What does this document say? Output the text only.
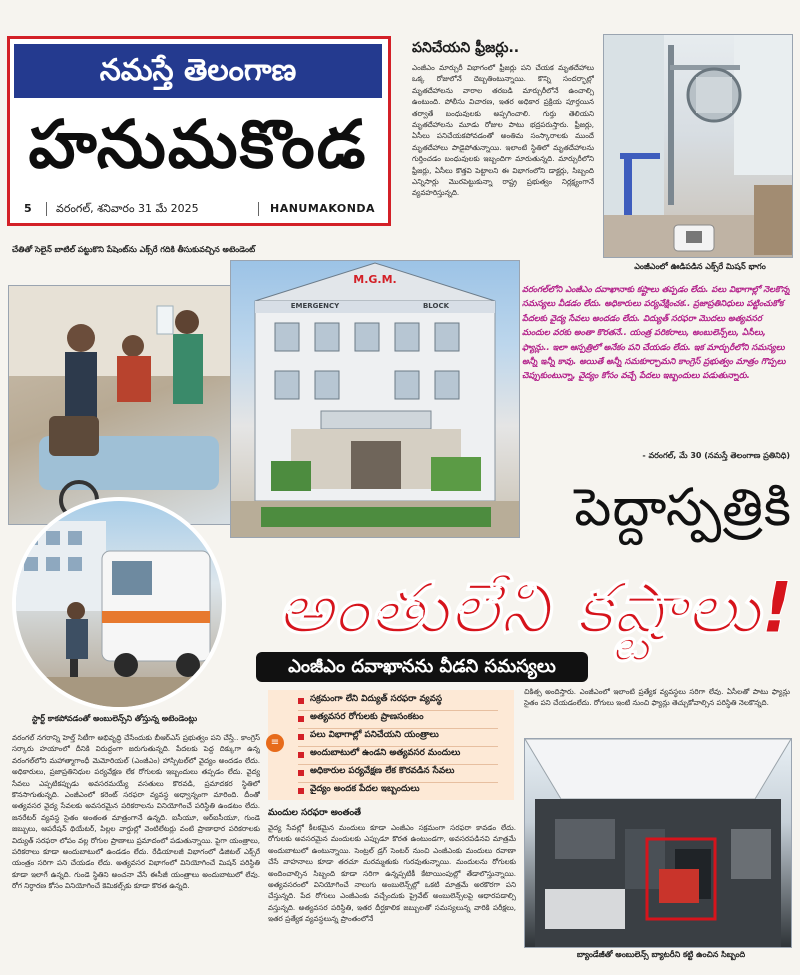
నమస్తే తెలంగాణ
హనుమకొండ
5 వరంగల్, శనివారం 31 మే 2025	HANUMAKONDA
పనిచేయని ఫ్రీజర్లు..
ఎంజీఎం మార్చురీ విభాగంలో ఫ్రీజర్లు పని చేయక మృతదేహాలు ఒక్క రోజులోనే దెబ్బతింటున్నాయి. కొన్ని సందర్భాల్లో మృతదేహాలను వారాల తరబడి మార్చురీలోనే ఉంచాల్సి ఉంటుంది. పోలీసు విచారణ, ఇతర అధికార ప్రక్రియ పూర్తయిన తర్వాతే బంధువులకు అప్పగించాలి. గుర్తు తెలియని మృతదేహాలను మూడు రోజుల పాటు భద్రపరుస్తారు. ఫ్రీజర్లు, ఏసీలు పనిచేయకపోవడంతో అంతిమ సంస్కారాలకు ముందే మృతదేహాలు పాడైపోతున్నాయి. ఇలాంటి స్థితిలో మృతదేహాలను గుర్తించడం బంధువులకు ఇబ్బందిగా మారుతున్నది. మార్చురీలోని ఫ్రీజర్లు, ఏసీలు కొత్తవి పెట్టాలని ఈ విభాగంలోని డాక్టర్లు, సిబ్బంది ఎన్నిసార్లు మొరపెట్టుకున్నా రాష్ట్ర ప్రభుత్వం నిర్లక్ష్యంగానే వ్యవహరిస్తున్నది.
ఎంజీఎంలో ఊడిపడిన ఎక్స్‌రే మిషన్ భాగం
చేతితో సెలైన్ బాటిల్ పట్టుకొని పేషెంట్‌ను ఎక్స్‌రే గదికి తీసుకువచ్చిన అటెండెంట్
M.G.M.
EMERGENCY	BLOCK
వరంగల్‌లోని ఎంజీఎం దవాఖానాకు కష్టాలు తప్పడం లేదు. పలు విభాగాల్లో నెలకొన్న సమస్యలు వీడడం లేదు. అధికారులు పర్యవేక్షించక.. ప్రజాప్రతినిధులు పట్టించుకోక పేదలకు వైద్య సేవలు అందడం లేదు. విద్యుత్ సరఫరా మొదలు అత్యవసర మందుల వరకు అంతా కొరతనే.. యంత్ర పరికరాలు, అంబులెన్స్‌లు, ఏసీలు, ఫ్యాన్లు.. ఇలా ఆస్పత్రిలో అనేకం పని చేయడం లేదు. ఇక మార్చురీలోని సమస్యలు అన్నీ ఇన్నీ కావు. అయితే అన్నీ సమకూర్చామని కాంగ్రెస్ ప్రభుత్వం మాత్రం గొప్పలు చెప్పుకుంటున్నా, వైద్యం కోసం వచ్చే పేదలు ఇబ్బందులు పడుతున్నారు.
- వరంగల్, మే 30 (నమస్తే తెలంగాణ ప్రతినిధి)
పెద్దాస్పత్రికి
అంతులేని కష్టాలు!
ఎంజీఎం దవాఖానను వీడని సమస్యలు
స్టార్ట్ కాకపోవడంతో అంబులెన్స్‌ని తోస్తున్న అటెండెంట్లు
వరంగల్ నగరాన్ని హెల్త్ సిటీగా అభివృద్ధి చేసేందుకు బీఆర్ఎస్ ప్రభుత్వం పని చేస్తే.. కాంగ్రెస్ సర్కారు హయాంలో దీనికి విరుద్ధంగా జరుగుతున్నది. పేదలకు పెద్ద దిక్కుగా ఉన్న వరంగల్‌లోని మహాత్మాగాంధీ మెమోరియల్ (ఎంజీఎం) హాస్పిటల్‌లో వైద్యం అందడం లేదు. అధికారులు, ప్రజాప్రతినిధుల పర్యవేక్షణ లేక రోగులకు ఇబ్బందులు తప్పడం లేదు. వైద్య సేవలు ఎప్పటికప్పుడు అవసరమయ్యే వసతులు కొరవడి, ప్రమాదకర స్థితిలో కొనసాగుతున్నది. ఎంజీఎంలో కరెంట్ సరఫరా వ్యవస్థ అధ్వాన్నంగా మారింది. దీంతో అత్యవసర వైద్య సేవలకు అవసరమైన పరికరాలను వినియోగించే పరిస్థితి ఉండటం లేదు. జనరేటర్ వ్యవస్థ సైతం అంతంత మాత్రంగానే ఉన్నది. ఐసీయూ, ఆర్ఐసీయూ, గుండె జబ్బులు, ఆపరేషన్ థియేటర్, పిల్లల వార్డుల్లో వెంటిలేటర్లు వంటి ప్రాణాధార పరికరాలకు విద్యుత్ సరఫరా లోపం వల్ల రోగుల ప్రాణాలు ప్రమాదంలో పడుతున్నాయి. పైగా యంత్రాలు, పరికరాలు కూడా అందుబాటులో ఉండడం లేదు. రేడియాలజీ విభాగంలో డిజిటల్ ఎక్స్‌రే యంత్రం సరిగా పని చేయడం లేదు. అత్యవసర విభాగంలో వినియోగించే మిషన్ పరిస్థితి కూడా ఇలాగే ఉన్నది. గుండె స్థితిని అంచనా వేసే ఈసీజీ యంత్రాలు అందుబాటులో లేవు. రోగ నిర్ధారణ కోసం వినియోగించే కెమికల్స్‌కు కూడా కొరత ఉన్నది.
≡
సక్రమంగా లేని విద్యుత్ సరఫరా వ్యవస్థ
అత్యవసర రోగులకు ప్రాణసంకటం
పలు విభాగాల్లో పనిచేయని యంత్రాలు
అందుబాటులో ఉండని అత్యవసర మందులు
అధికారుల పర్యవేక్షణ లేక కొరవడిన సేవలు
వైద్యం అందక పేదల ఇబ్బందులు
మందుల సరఫరా అంతంతే
వైద్య సేవల్లో కీలకమైన మందులు కూడా ఎంజీఎం సక్రమంగా సరఫరా కావడం లేదు. రోగులకు అవసరమైన మందులకు ఎప్పుడూ కొరత ఉంటుండగా, అవసరపడినవి మాత్రమే అందుబాటులో ఉంటున్నాయి. సెంట్రల్ డ్రగ్ సెంటర్ నుంచి ఎంజీఎంకు మందులు రవాణా చేసే వాహనాలు కూడా తరచూ మరమ్మతుకు గురవుతున్నాయి. మందులను రోగులకు అందించాల్సిన సిబ్బంది కూడా సరిగా ఉన్నప్పటికీ కేటాయింపుల్లో తేడాలొస్తున్నాయి. అత్యవసరంలో వినియోగించే నాలుగు అంబులెన్స్‌ల్లో ఒకటి మాత్రమే అరకొరగా పని చేస్తున్నది. పేద రోగులు ఎంజీఎంకు వచ్చేందుకు ప్రైవేట్ అంబులెన్స్‌లపై ఆధారపడాల్సి వస్తున్నది. అత్యవసర పరిస్థితి, ఇతర దీర్ఘకాలిక జబ్బులతో సమస్యలున్న వారికి పరీక్షలు, ఇతర ప్రత్యేక వ్యవస్థలున్న ప్రాంతంలోనే
చికిత్స అందిస్తారు. ఎంజీఎంలో ఇలాంటి ప్రత్యేక వ్యవస్థలు సరిగా లేవు. ఏసీలతో పాటు ఫ్యాన్లు సైతం పని చేయడంలేదు. రోగులు ఇంటి నుంచి ఫ్యాన్లు తెచ్చుకోవాల్సిన పరిస్థితి నెలకొన్నది.
బ్యాండేజీతో అంబులెన్స్ బ్యాటరీని కట్టి ఉంచిన సిబ్బంది
